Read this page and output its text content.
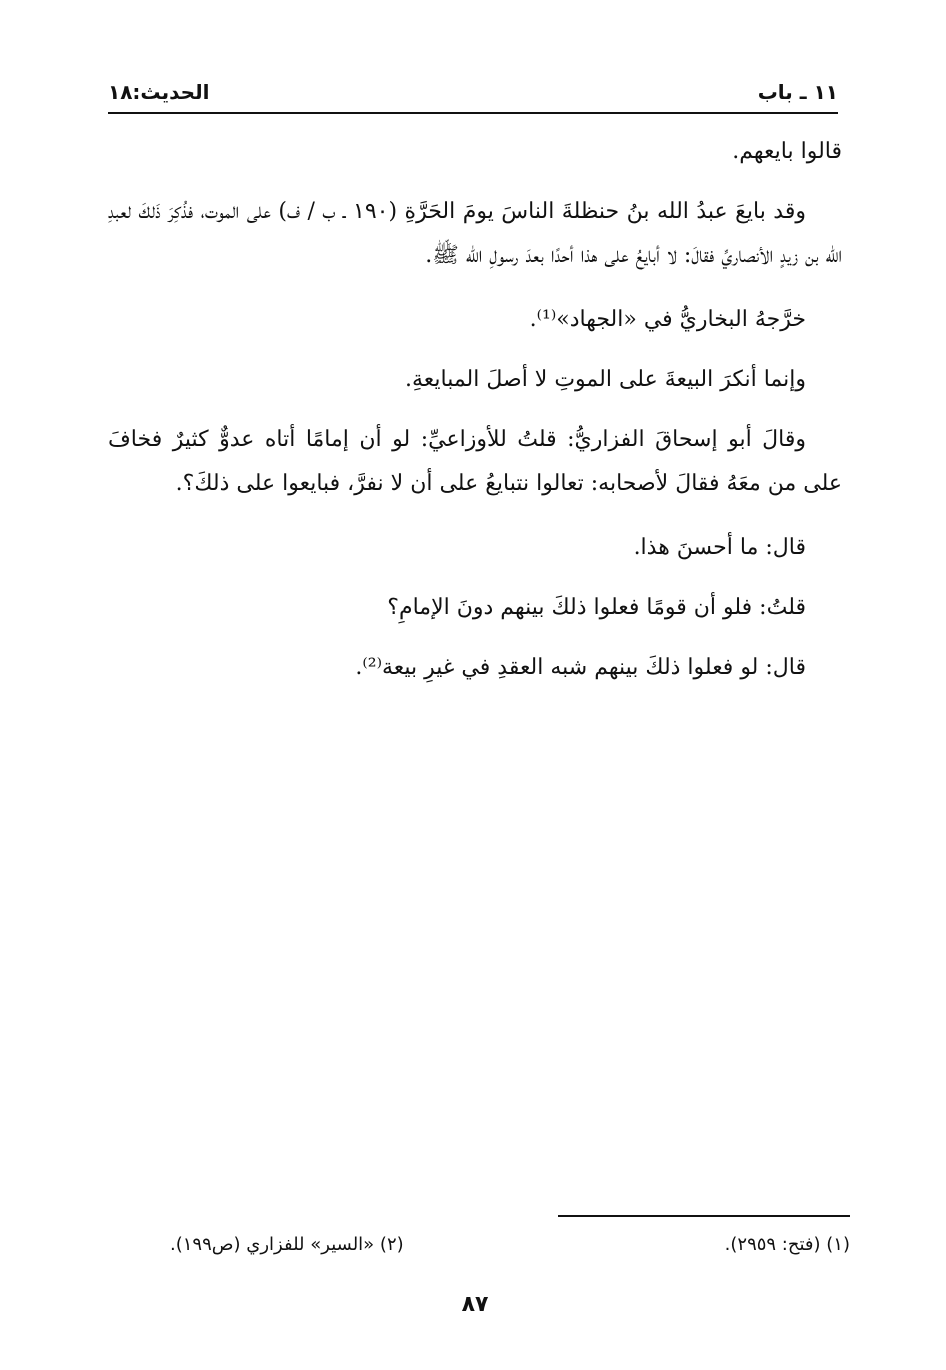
١١ ـ باب
الحديث:١٨

قالوا بايعهم.

وقد بايعَ عبدُ الله بنُ حنظلةَ الناسَ يومَ الحَرَّةِ (١٩٠ ـ ب / ف) على الموت، فذُكِرَ ذَلكَ لعبدِ الله بن زيدٍ الأنصاريِّ فقالَ: لا أبايعُ على هذا أحدًا بعدَ رسولِ الله ﷺ.

خرَّجهُ البخاريُّ في «الجهاد»⁽¹⁾.

وإنما أنكرَ البيعةَ على الموتِ لا أصلَ المبايعةِ.

وقالَ أبو إسحاقَ الفزاريُّ: قلتُ للأوزاعيِّ: لو أن إمامًا أتاه عدوٌّ كثيرٌ فخافَ على من معَهُ فقالَ لأصحابه: تعالوا نتبايعُ على أن لا نفرَّ، فبايعوا على ذلكَ؟.

قال: ما أحسنَ هذا.

قلتُ: فلو أن قومًا فعلوا ذلكَ بينهم دونَ الإمامِ؟

قال: لو فعلوا ذلكَ بينهم شبه العقدِ في غيرِ بيعة⁽²⁾.

(١) (فتح: ٢٩٥٩).
(٢) «السير» للفزاري (ص١٩٩).
٨٧
